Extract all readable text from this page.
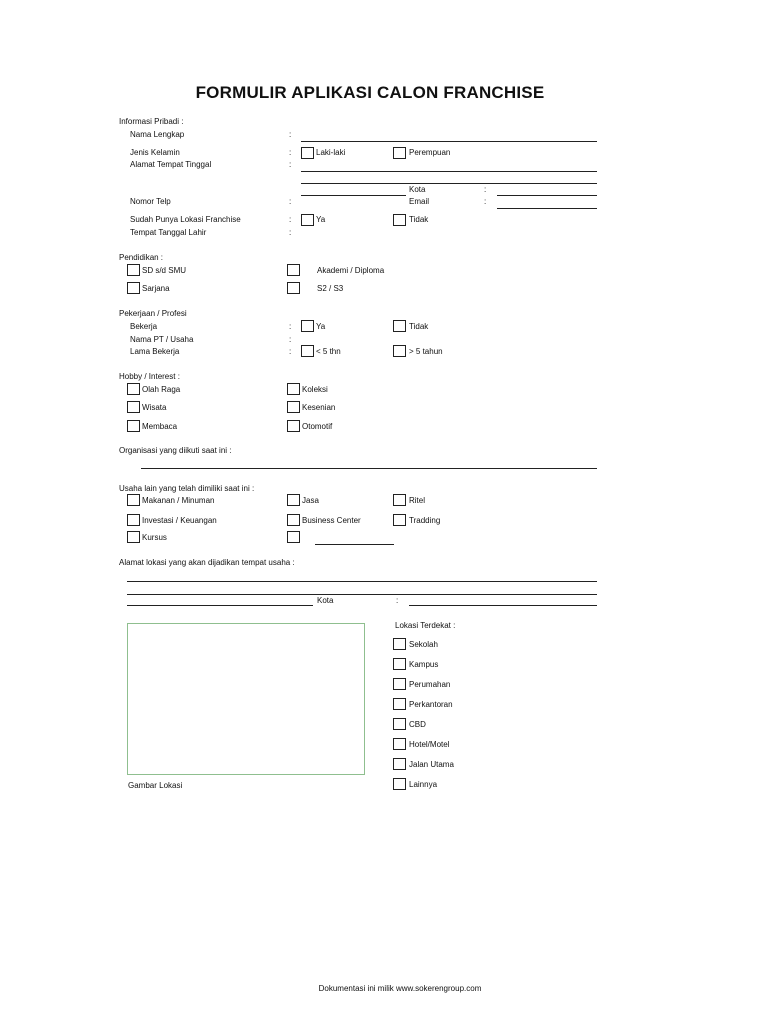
FORMULIR APLIKASI CALON FRANCHISE
Informasi Pribadi :
Nama Lengkap	:
Jenis Kelamin	:	Laki-laki	Perempuan
Alamat Tempat Tinggal	:
Kota	:
Nomor Telp	:	Email	:
Sudah Punya Lokasi Franchise	:	Ya	Tidak
Tempat Tanggal Lahir	:
Pendidikan :
SD s/d SMU	Akademi / Diploma
Sarjana	S2 / S3
Pekerjaan / Profesi
Bekerja	:	Ya	Tidak
Nama PT / Usaha	:
Lama Bekerja	:	< 5 thn	> 5 tahun
Hobby / Interest :
Olah Raga	Koleksi
Wisata	Kesenian
Membaca	Otomotif
Organisasi yang diikuti saat ini :
Usaha lain yang telah dimiliki saat ini :
Makanan / Minuman	Jasa	Ritel
Investasi / Keuangan	Business Center	Tradding
Kursus
Alamat lokasi yang akan dijadikan tempat usaha :
Kota	:
Gambar Lokasi
Lokasi Terdekat :
Sekolah
Kampus
Perumahan
Perkantoran
CBD
Hotel/Motel
Jalan Utama
Lainnya
Dokumentasi ini milik www.sokerengroup.com
